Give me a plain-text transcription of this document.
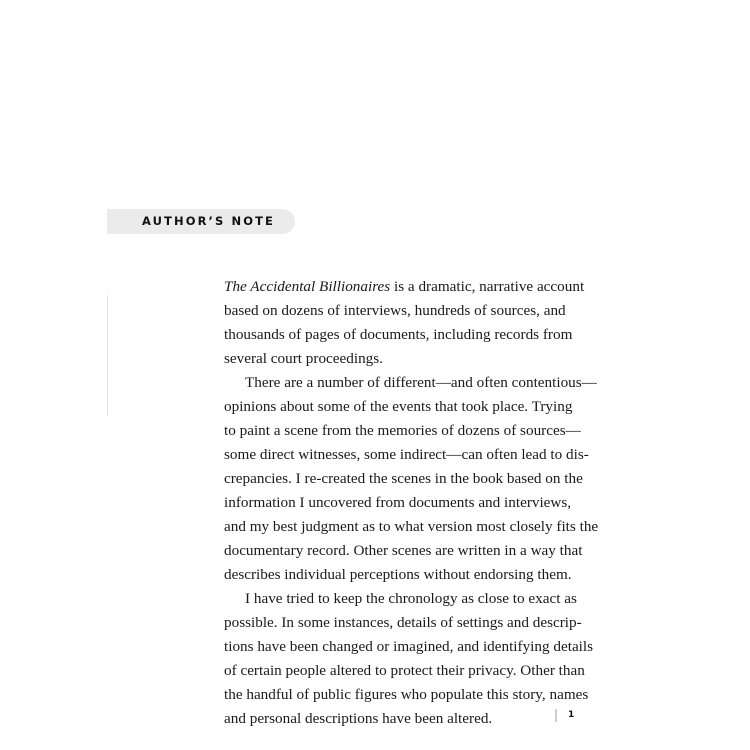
AUTHOR’S NOTE
The Accidental Billionaires is a dramatic, narrative account
based on dozens of interviews, hundreds of sources, and
thousands of pages of documents, including records from
several court proceedings.
There are a number of different—and often contentious—
opinions about some of the events that took place. Trying
to paint a scene from the memories of dozens of sources—
some direct witnesses, some indirect—can often lead to dis-
crepancies. I re-created the scenes in the book based on the
information I uncovered from documents and interviews,
and my best judgment as to what version most closely fits the
documentary record. Other scenes are written in a way that
describes individual perceptions without endorsing them.
I have tried to keep the chronology as close to exact as
possible. In some instances, details of settings and descrip-
tions have been changed or imagined, and identifying details
of certain people altered to protect their privacy. Other than
the handful of public figures who populate this story, names
and personal descriptions have been altered.	1
